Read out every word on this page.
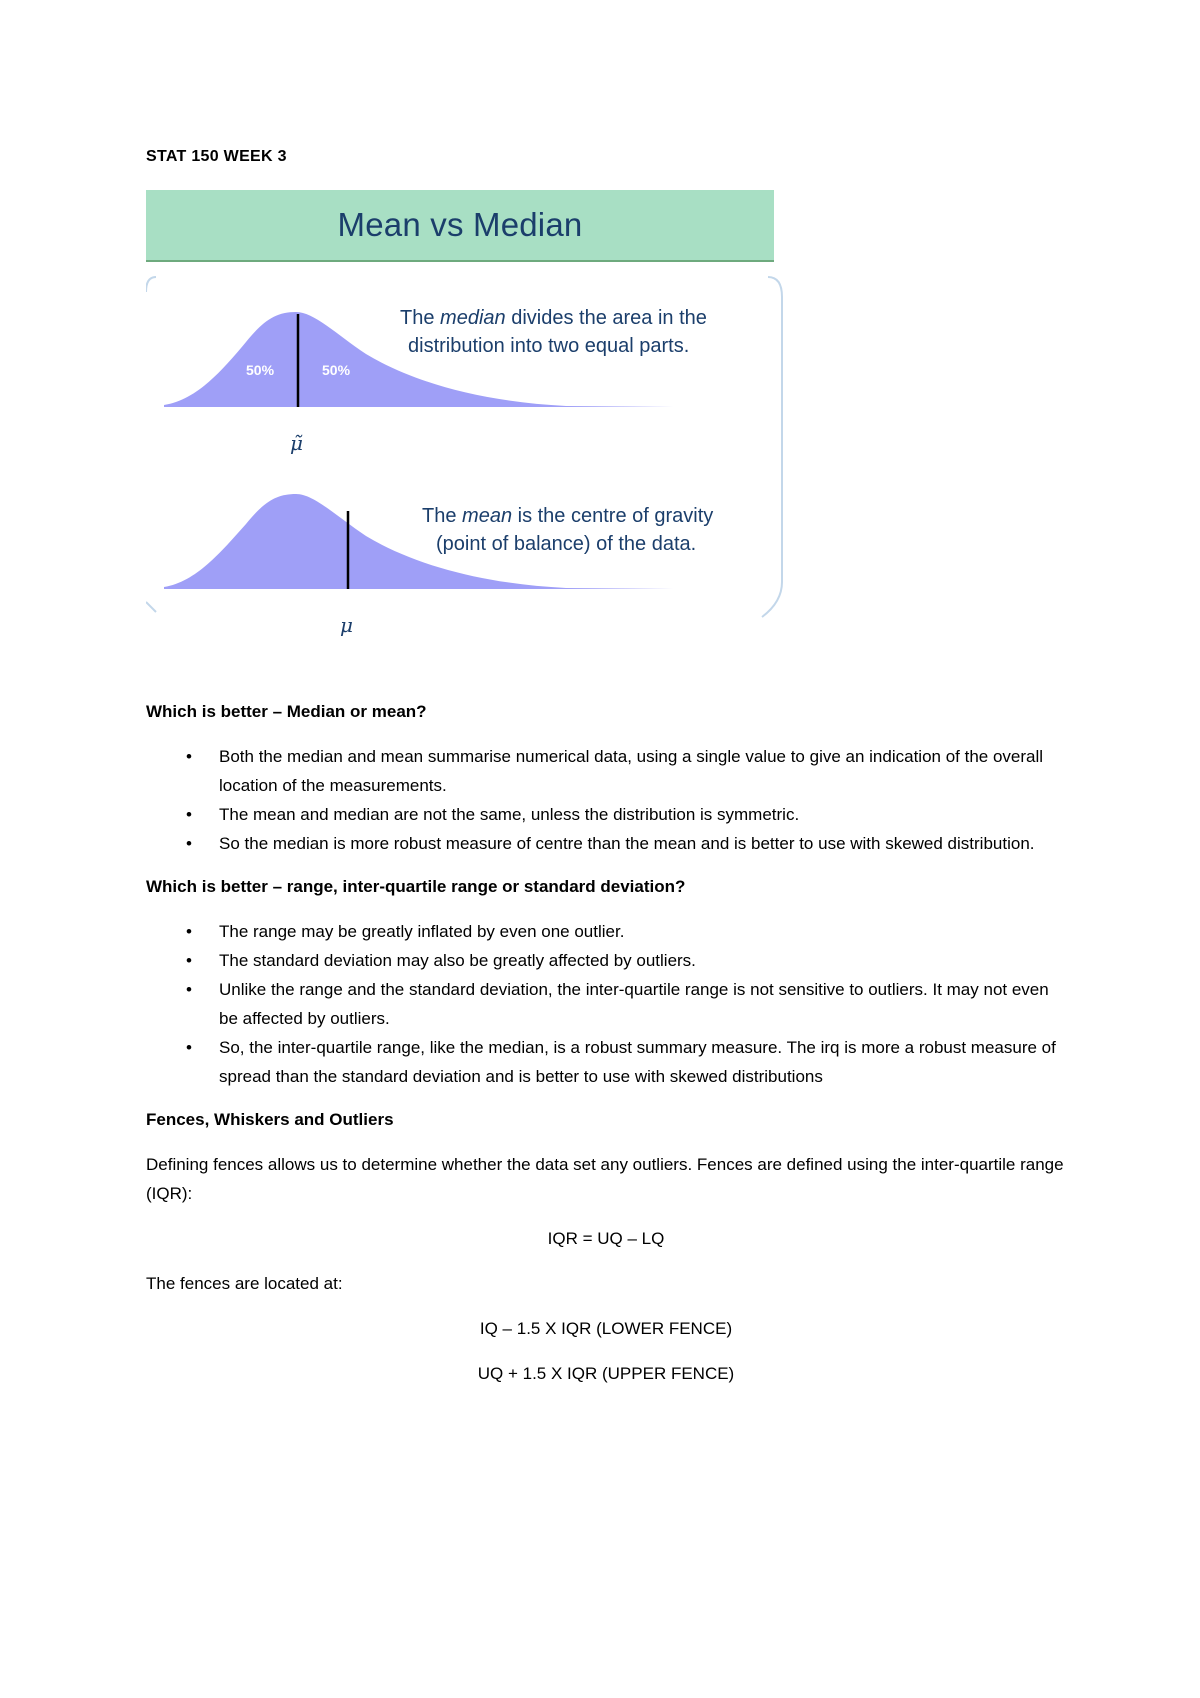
STAT 150 WEEK 3
Mean vs Median
50%	50%
μ̃
μ
The median divides the area in the
distribution into two equal parts.
The mean is the centre of gravity
(point of balance) of the data.
Which is better – Median or mean?
• Both the median and mean summarise numerical data, using a single value to give an indication of the overall location of the measurements.
• The mean and median are not the same, unless the distribution is symmetric.
• So the median is more robust measure of centre than the mean and is better to use with skewed distribution.
Which is better – range, inter-quartile range or standard deviation?
• The range may be greatly inflated by even one outlier.
• The standard deviation may also be greatly affected by outliers.
• Unlike the range and the standard deviation, the inter-quartile range is not sensitive to outliers. It may not even be affected by outliers.
• So, the inter-quartile range, like the median, is a robust summary measure. The irq is more a robust measure of spread than the standard deviation and is better to use with skewed distributions
Fences, Whiskers and Outliers

Defining fences allows us to determine whether the data set any outliers. Fences are defined using the inter-quartile range (IQR):

IQR = UQ – LQ

The fences are located at:

IQ – 1.5 X IQR (LOWER FENCE)

UQ + 1.5 X IQR (UPPER FENCE)
